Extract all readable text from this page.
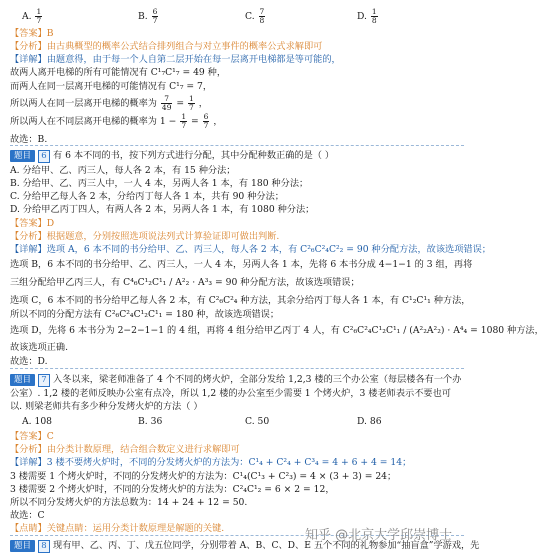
A. $\frac{1}{7}$	B. $\frac{6}{7}$	C. $\frac{7}{8}$	D. $\frac{1}{8}$
【答案】B
【分析】由古典概型的概率公式结合排列组合与对立事件的概率公式求解即可
【详解】由题意得，由于每一个人自第二层开始在每一层离开电梯都是等可能的，
故两人离开电梯的所有可能情况有 C¹₇C¹₇ = 49 种，
而两人在同一层离开电梯的可能情况有 C¹₇ = 7，
所以两人在同一层离开电梯的概率为 $\frac{7}{49} = \frac{1}{7}$ ，
所以两人在不同层离开电梯的概率为 $1 - \frac{1}{7} = \frac{6}{7}$ ，
故选：B.
题目 6 有 6 本不同的书，按下列方式进行分配，其中分配种数正确的是（ ）
A. 分给甲、乙、丙三人，每人各 2 本，有 15 种分法；
B. 分给甲、乙、丙三人中，一人 4 本，另两人各 1 本，有 180 种分法；
C. 分给甲乙每人各 2 本，分给丙丁每人各 1 本，共有 90 种分法；
D. 分给甲乙丙丁四人，有两人各 2 本，另两人各 1 本，有 1080 种分法；
【答案】D
【分析】根据题意，分别按照选项说法列式计算验证即可做出判断.
【详解】选项 A，6 本不同的书分给甲、乙、丙三人，每人各 2 本，有 C²₆C²₄C²₂ = 90 种分配方法，故该选项错误；
选项 B，6 本不同的书分给甲、乙、丙三人，一人 4 本，另两人各 1 本，先将 6 本书分成 4−1−1 的 3 组，再将
三组分配给甲乙丙三人，有 C⁴₆C¹₂C¹₁ / A²₂ · A³₃ = 90 种分配方法，故该选项错误；
选项 C，6 本不同的书分给甲乙每人各 2 本，有 C²₆C²₄ 种方法，其余分给丙丁每人各 1 本，有 C¹₂C¹₁ 种方法，
所以不同的分配方法有 C²₆C²₄C¹₂C¹₁ = 180 种，故该选项错误；
选项 D，先将 6 本书分为 2−2−1−1 的 4 组，再将 4 组分给甲乙丙丁 4 人，有 C²₆C²₄C¹₂C¹₁ / (A²₂A²₂) · A⁴₄ = 1080 种方法，
故该选项正确.
故选：D.
题目 7 入冬以来，梁老师准备了 4 个不同的烤火炉，全部分发给 1,2,3 楼的三个办公室（每层楼各有一个办
公室）. 1,2 楼的老师反映办公室有点冷，所以 1,2 楼的办公室至少需要 1 个烤火炉，3 楼老师表示不要也可
以. 则梁老师共有多少种分发烤火炉的方法（ ）
A. 108	B. 36	C. 50	D. 86
【答案】C
【分析】由分类计数原理，结合组合数定义进行求解即可
【详解】3 楼不要烤火炉时，不同的分发烤火炉的方法为：C¹₄ + C²₄ + C³₄ = 4 + 6 + 4 = 14；
3 楼需要 1 个烤火炉时，不同的分发烤火炉的方法为：C¹₄(C¹₃ + C²₃) = 4 × (3 + 3) = 24；
3 楼需要 2 个烤火炉时，不同的分发烤火炉的方法为：C²₄C¹₂ = 6 × 2 = 12，
所以不同分发烤火炉的方法总数为：14 + 24 + 12 = 50.
故选：C
【点睛】关键点睛：运用分类计数原理是解题的关键.
题目 8 现有甲、乙、丙、丁、戊五位同学，分别带着 A、B、C、D、E 五个不同的礼物参加“抽盲盒”学游戏，先
知乎 @北京大学邱崇博士
